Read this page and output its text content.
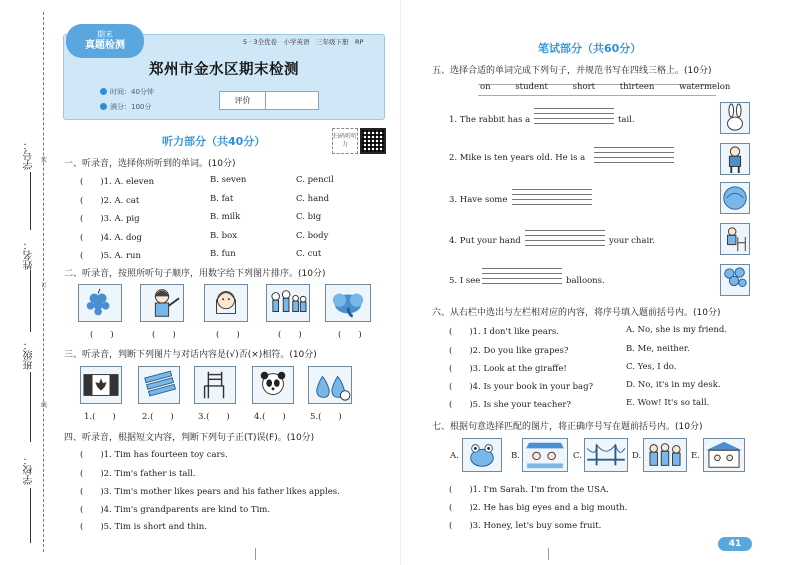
学号：
姓名：
班级：
学校：
装
订
线
期末
真题检测	5 · 3全优卷　小学英语　三年级下册　RP
郑州市金水区期末检测
时间：40分钟
满分：100分
评价
听力部分（共40分）	扫码听听力
一、听录音，选择你所听到的单词。(10分)
(　　)1. A. eleven	B. seven	C. pencil
(　　)2. A. cat	B. fat	C. hand
(　　)3. A. pig	B. milk	C. big
(　　)4. A. dog	B. box	C. body
(　　)5. A. run	B. fun	C. cut
二、听录音，按照所听句子顺序，用数字给下列图片排序。(10分)
(　　)	(　　)	(　　)	(　　)	(　　)
三、听录音，判断下列图片与对话内容是(√)否(×)相符。(10分)
1.(　　)	2.(　　)	3.(　　)	4.(　　)	5.(　　)
四、听录音，根据短文内容，判断下列句子正(T)误(F)。(10分)
(　　)1. Tim has fourteen toy cars.
(　　)2. Tim's father is tall.
(　　)3. Tim's mother likes pears and his father likes apples.
(　　)4. Tim's grandparents are kind to Tim.
(　　)5. Tim is short and thin.
笔试部分（共60分）
五、选择合适的单词完成下列句子，并规范书写在四线三格上。(10分)
on	student	short	thirteen	watermelon
1. The rabbit has a	tail.
2. Mike is ten years old. He is a
3. Have some
4. Put your hand	your chair.
5. I see	balloons.
六、从右栏中选出与左栏相对应的内容，将序号填入题前括号内。(10分)
(　　)1. I don't like pears.	A. No, she is my friend.
(　　)2. Do you like grapes?	B. Me, neither.
(　　)3. Look at the giraffe!	C. Yes, I do.
(　　)4. Is your book in your bag?	D. No, it's in my desk.
(　　)5. Is she your teacher?	E. Wow! It's so tall.
七、根据句意选择匹配的图片，将正确序号写在题前括号内。(10分)
A.	B.	C.	D.	E.
(　　)1. I'm Sarah. I'm from the USA.
(　　)2. He has big eyes and a big mouth.
(　　)3. Honey, let's buy some fruit.
41
